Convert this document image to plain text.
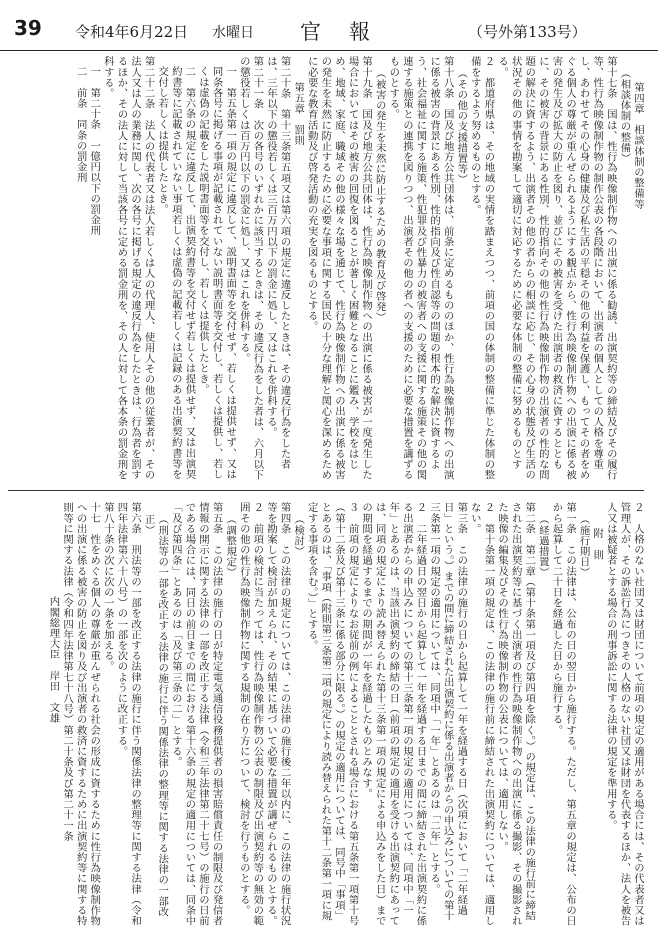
39 令和4年6月22日 水曜日 官報	（号外第133号）

第四章　相談体制の整備等

（相談体制の整備）

第十七条　国は、性行為映像制作物への出演に係る勧誘、出演契約等の締結及びその履行等、性行為映像制作物の制作公表の各段階において、出演者の個人としての人格を尊重し、あわせてその心身の健康及び私生活の平穏その他の利益を保護し、もってその者をめぐる個人の尊厳が重んぜられるようにする観点から、性行為映像制作物への出演に係る被害の発生及び拡大の防止を図り、並びにその被害を受けた出演者の救済に資するとともに、その被害の背景にある性別、性的指向その他の性行為映像制作物の出演者の性的な問題の解決に資するよう、出演者その他の者からの相談に応じ、その心身の状態及び生活の状況その他の事情を勘案して適切に対応するために必要な体制の整備に努めるものとする。

２　都道府県は、その地域の実情を踏まえつつ、前項の国の体制の整備に準じた体制の整備をするよう努めるものとする。

（その他の支援措置等）

第十八条　国及び地方公共団体は、前条に定めるもののほか、性行為映像制作物への出演に係る被害の背景にある性別、性的指向及び性自認等の問題の根本的な解決に資するよう、社会福祉に関する施策、性犯罪及び性暴力の被害者への支援に関する施策その他の関連する施策との連携を図りつつ、出演者その他の者への支援のために必要な措置を講ずるものとする。

（被害の発生を未然に防止するための教育及び啓発）

第十九条　国及び地方公共団体は、性行為映像制作物への出演に係る被害が一度発生した場合においてはその被害の回復を図ることが著しく困難となることに鑑み、学校をはじめ、地域、家庭、職域その他の様々な場を通じて、性行為映像制作物への出演に係る被害の発生を未然に防止するために必要な事項に関する国民の十分な理解と関心を深めるために必要な教育活動及び啓発活動の充実を図るものとする。

第五章　罰則

第二十条　第十三条第五項又は第六項の規定に違反したときは、その違反行為をした者は、三年以下の懲役若しくは三百万円以下の罰金に処し、又はこれを併科する。

第二十一条　次の各号のいずれかに該当するときは、その違反行為をした者は、六月以下の懲役若しくは百万円以下の罰金に処し、又はこれを併科する。

一　第五条第一項の規定に違反して、説明書面等を交付せず、若しくは提供せず、又は同条各号に掲げる事項が記載されていない説明書面等を交付し、若しくは提供し、若しくは虚偽の記載をした説明書面等を交付し、若しくは提供したとき。

二　第六条の規定に違反して、出演契約書等を交付せず若しくは提供せず、又は出演契約書等に記載されていない事項若しくは虚偽の記載若しくは記録のある出演契約書等を交付し若しくは提供したとき。

第二十二条　法人の代表者又は法人若しくは人の代理人、使用人その他の従業者が、その法人又は人の業務に関し、次の各号に掲げる規定の違反行為をしたときは、行為者を罰するほか、その法人に対して当該各号に定める罰金刑を、その人に対して各本条の罰金刑を科する。

一　第二十条　一億円以下の罰金刑

二　前条　同条の罰金刑

２　人格のない社団又は財団について前項の規定の適用がある場合には、その代表者又は管理人が、その訴訟行為につきその人格のない社団又は財団を代表するほか、法人を被告人又は被疑者とする場合の刑事訴訟に関する法律の規定を準用する。

附　則

（施行期日）

第一条　この法律は、公布の日の翌日から施行する。ただし、第五章の規定は、公布の日から起算して二十日を経過した日から施行する。

（経過措置）

第二条　第二章（第十条第一項及び第四項を除く。）の規定は、この法律の施行前に締結された出演契約等に基づく出演者の性行為映像制作物への出演に係る撮影、その撮影された映像の編集及びその性行為映像制作物の公表については、適用しない。

２　第十条第一項の規定は、この法律の施行前に締結された出演契約については、適用しない。

第三条　この法律の施行の日から起算して一年を経過する日（次項において「二年経過日」という。）までの間に締結された出演契約に係る出演者からの申込みについての第十三条第一項の規定の適用については、同項中「一年」とあるのは「二年」とする。

２　二年経過日の翌日から起算して一年を経過する日までの間に締結された出演契約に係る出演者からの申込みについての第十三条第一項の規定の適用については、同項中「一年」とあるのは、当該出演契約の締結の日（前項の規定の適用を受ける出演契約にあっては、同項の規定により読み替えられた第十三条第一項の規定による申込みをした日）までの期間を経過するまでの期間が一年を経過したものとみなす。

３　前項の規定によりなお従前の例によることとされる場合における第五条第一項第十号（第十二条及び第十三条に係る部分に限る。）の規定の適用については、同号中「事項」とあるのは、「事項（附則第三条第二項の規定により読み替えられた第十二条第一項に規定する事項を含む。）」とする。

（検討）

第四条　この法律の規定については、この法律の施行後二年以内に、この法律の施行状況等を勘案して検討が加えられ、その結果に基づいて必要な措置が講ぜられるものとする。

２　前項の検討に当たっては、性行為映像制作物の公表の制限及び出演契約等の無効の範囲その他の性行為映像制作物に関する規制の在り方について、検討を行うものとする。

（調整規定）

第五条　この法律の施行の日が特定電気通信役務提供者の損害賠償責任の制限及び発信者情報の開示に関する法律の一部を改正する法律（令和三年法律第二十七号）の施行の日前である場合には、同日の前日までの間における第十六条の規定の適用については、同条中「及び第四条」とあるのは「及び第三条の二」とする。

（刑法等の一部を改正する法律の施行に伴う関係法律の整理等に関する法律の一部改正）

第六条　刑法等の一部を改正する法律の施行に伴う関係法律の整理等に関する法律（令和四年法律第六十八号）の一部を次のように改正する。

第八十条の次に次の一条を加える。

十七　性をめぐる個人の尊厳が重んぜられる社会の形成に資するために性行為映像制作物への出演に係る被害の防止を図り及び出演者の救済に資するために出演契約等に関する特則等に関する法律（令和四年法律第七十八号）第二十条及び第二十一条

内閣総理大臣　岸田　文雄
